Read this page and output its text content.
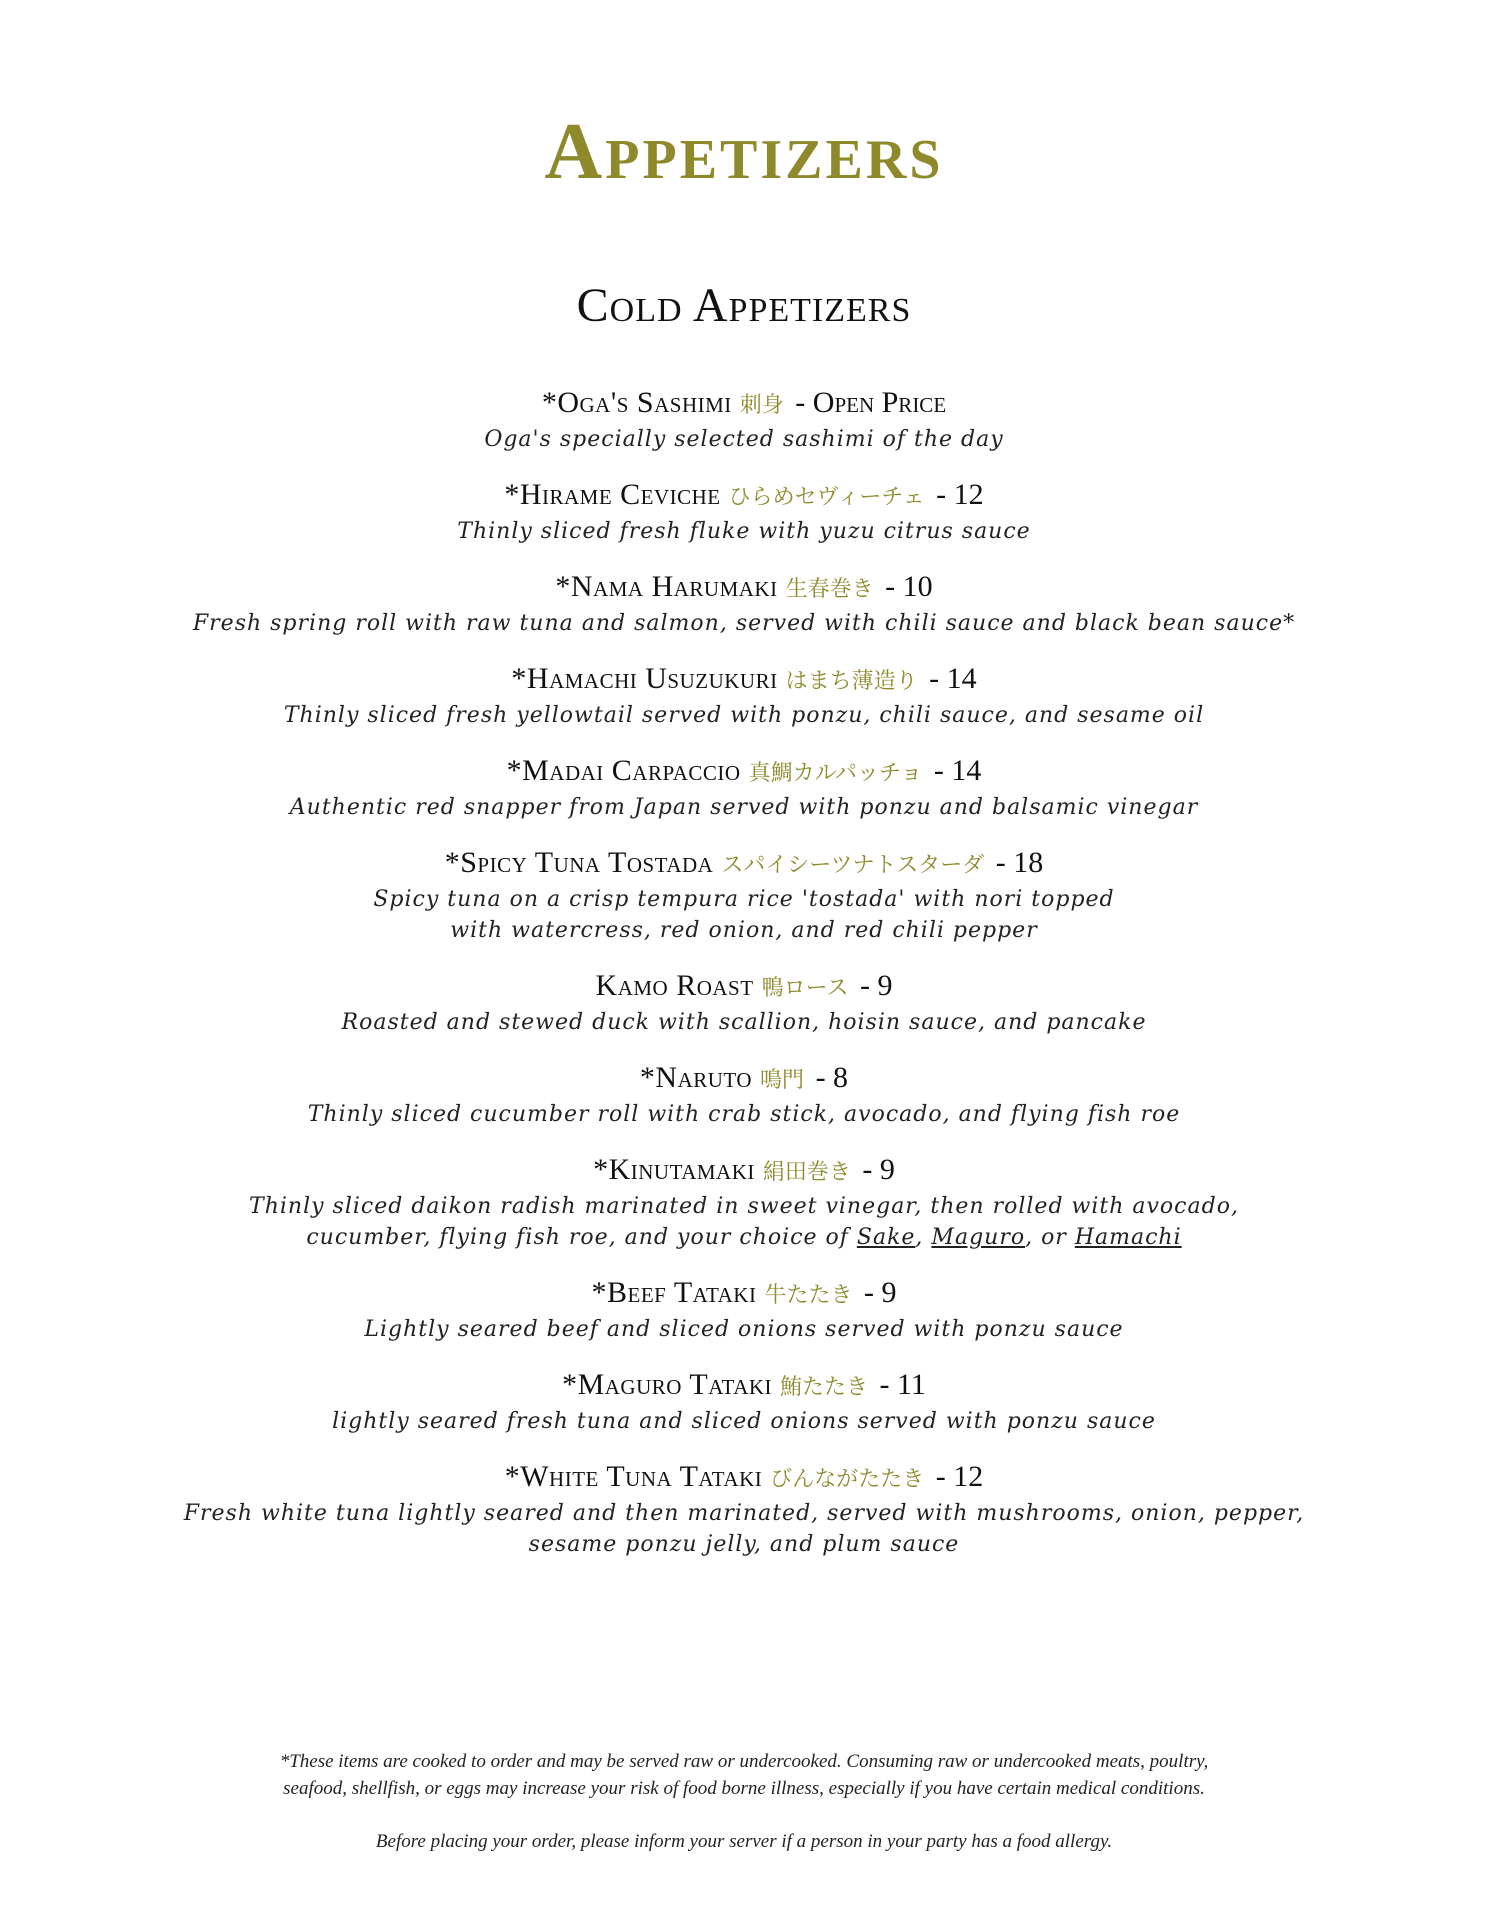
Appetizers
Cold Appetizers
*Oga's Sashimi 刺身 - Open Price
Oga's specially selected sashimi of the day
*Hirame Ceviche ひらめセヴィーチェ - 12
Thinly sliced fresh fluke with yuzu citrus sauce
*Nama Harumaki 生春巻き - 10
Fresh spring roll with raw tuna and salmon, served with chili sauce and black bean sauce*
*Hamachi Usuzukuri はまち薄造り - 14
Thinly sliced fresh yellowtail served with ponzu, chili sauce, and sesame oil
*Madai Carpaccio 真鯛カルパッチョ - 14
Authentic red snapper from Japan served with ponzu and balsamic vinegar
*Spicy Tuna Tostada スパイシーツナトスターダ - 18
Spicy tuna on a crisp tempura rice 'tostada' with nori topped
with watercress, red onion, and red chili pepper
Kamo Roast 鴨ロース - 9
Roasted and stewed duck with scallion, hoisin sauce, and pancake
*Naruto 鳴門 - 8
Thinly sliced cucumber roll with crab stick, avocado, and flying fish roe
*Kinutamaki 絹田巻き - 9
Thinly sliced daikon radish marinated in sweet vinegar, then rolled with avocado,
cucumber, flying fish roe, and your choice of Sake, Maguro, or Hamachi
*Beef Tataki 牛たたき - 9
Lightly seared beef and sliced onions served with ponzu sauce
*Maguro Tataki 鮪たたき - 11
lightly seared fresh tuna and sliced onions served with ponzu sauce
*White Tuna Tataki びんながたたき - 12
Fresh white tuna lightly seared and then marinated, served with mushrooms, onion, pepper,
sesame ponzu jelly, and plum sauce

*These items are cooked to order and may be served raw or undercooked. Consuming raw or undercooked meats, poultry,

seafood, shellfish, or eggs may increase your risk of food borne illness, especially if you have certain medical conditions.

Before placing your order, please inform your server if a person in your party has a food allergy.
